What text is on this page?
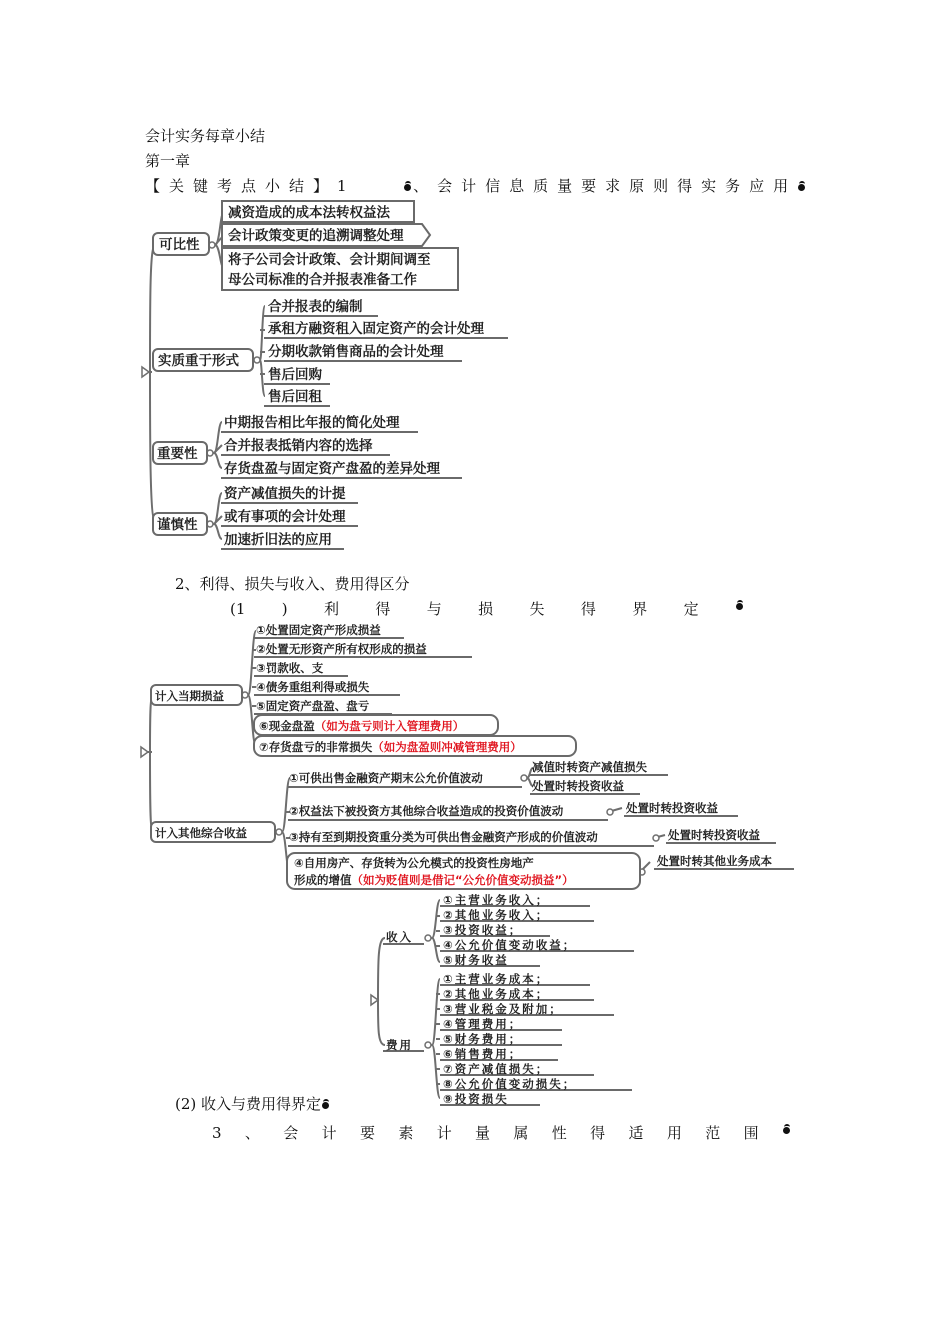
会计实务每章小结
第一章
【关键考点小结】1	、会计信息质量要求原则得实务应用
2、利得、损失与收入、费用得区分
(1 ) 利 得 与 损 失 得 界 定
(2) 收入与费用得界定
3 、 会 计 要 素 计 量 属 性 得 适 用 范 围
可比性
实质重于形式
重要性
谨慎性
减资造成的成本法转权益法
会计政策变更的追溯调整处理
将子公司会计政策、会计期间调至
母公司标准的合并报表准备工作
合并报表的编制
承租方融资租入固定资产的会计处理
分期收款销售商品的会计处理
售后回购
售后回租
中期报告相比年报的简化处理
合并报表抵销内容的选择
存货盘盈与固定资产盘盈的差异处理
资产减值损失的计提
或有事项的会计处理
加速折旧法的应用
计入当期损益
计入其他综合收益
①处置固定资产形成损益
②处置无形资产所有权形成的损益
③罚款收、支
④债务重组利得或损失
⑤固定资产盘盈、盘亏
⑥现金盘盈（如为盘亏则计入管理费用）
⑦存货盘亏的非常损失（如为盘盈则冲减管理费用）
①可供出售金融资产期末公允价值波动
②权益法下被投资方其他综合收益造成的投资价值波动
③持有至到期投资重分类为可供出售金融资产形成的价值波动
④自用房产、存货转为公允模式的投资性房地产
形成的增值（如为贬值则是借记“公允价值变动损益”）
减值时转资产减值损失
处置时转投资收益
处置时转投资收益
处置时转投资收益
处置时转其他业务成本
收入
费用
①主营业务收入；
②其他业务收入；
③投资收益；
④公允价值变动收益；
⑤财务收益
①主营业务成本；
②其他业务成本；
③营业税金及附加；
④管理费用；
⑤财务费用；
⑥销售费用；
⑦资产减值损失；
⑧公允价值变动损失；
⑨投资损失
